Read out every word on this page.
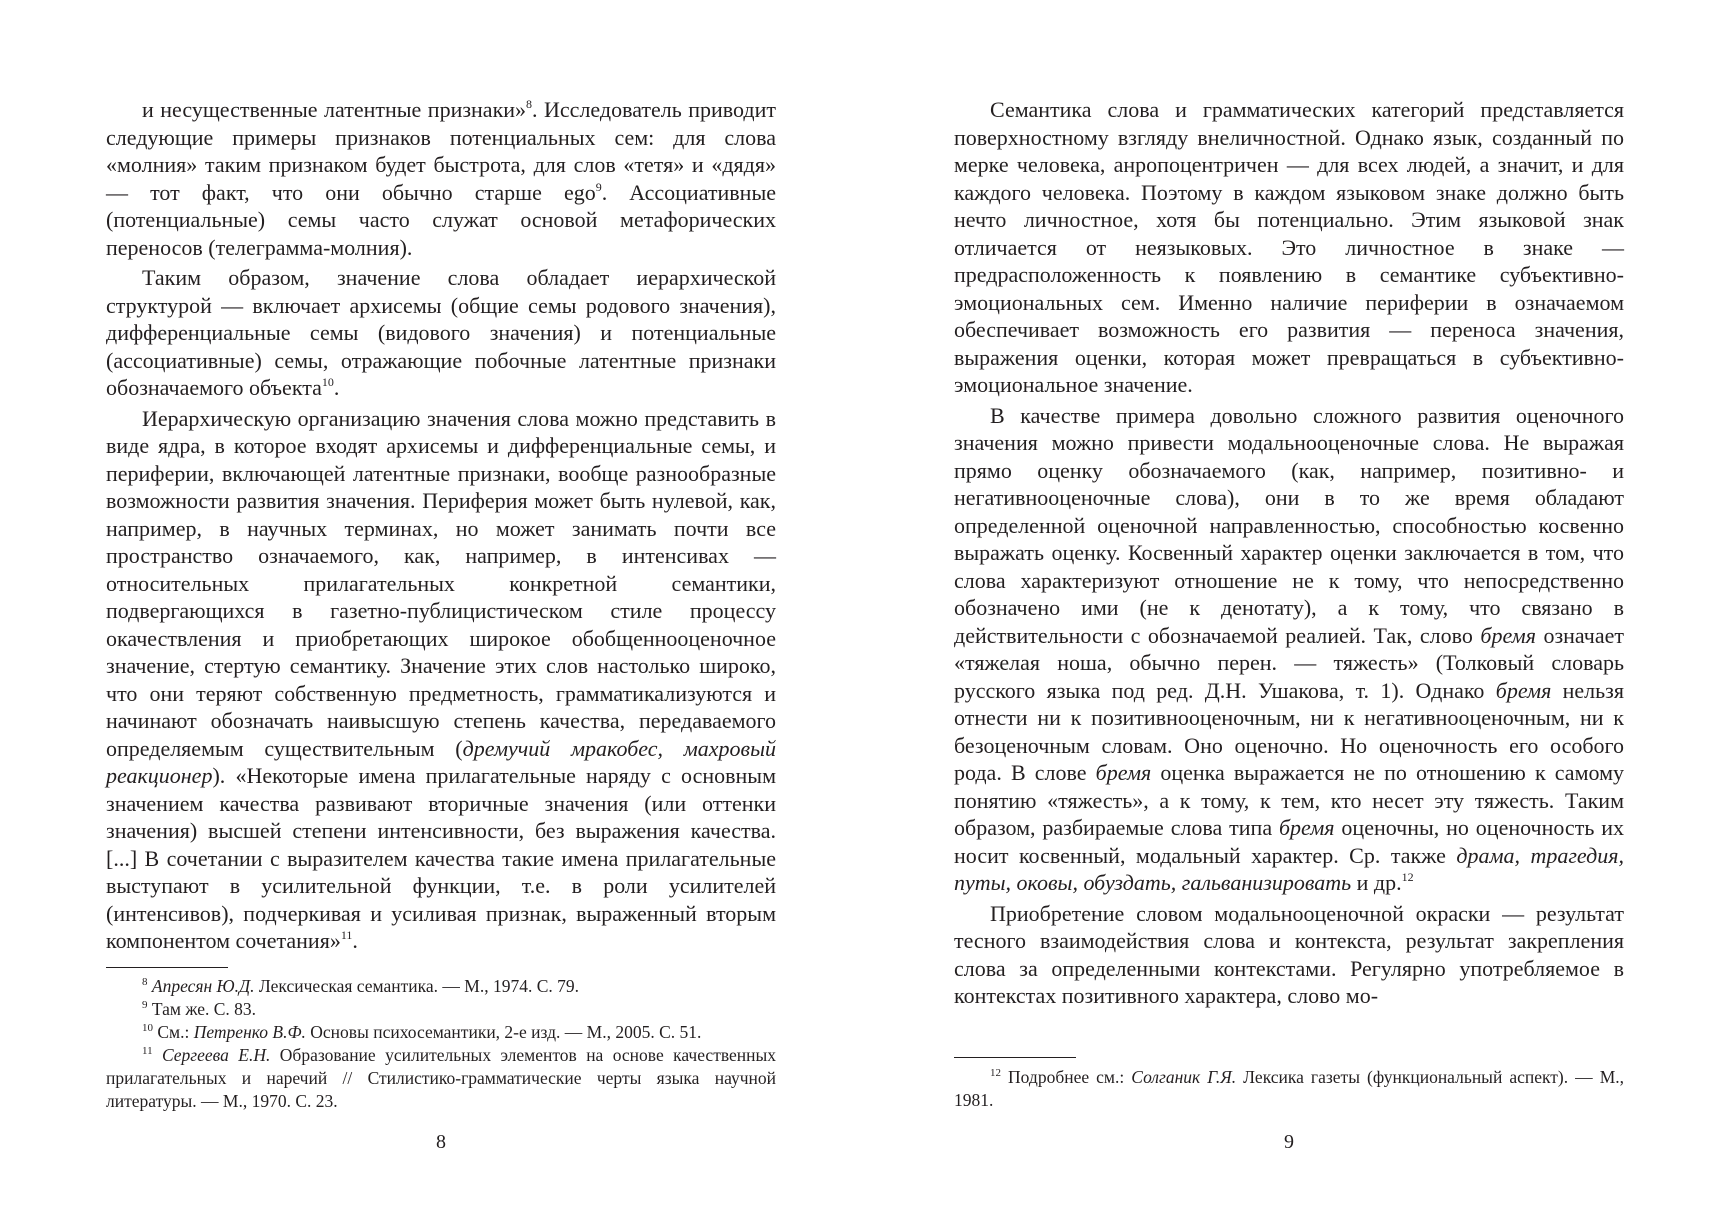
и несущественные латентные признаки»$^8$. Исследователь приводит следующие примеры признаков потенциальных сем: для слова «молния» таким признаком будет быстрота, для слов «тетя» и «дядя» — тот факт, что они обычно старше ego$^9$. Ассоциативные (потенциальные) семы часто служат основой метафорических переносов (телеграмма-молния).

Таким образом, значение слова обладает иерархической структурой — включает архисемы (общие семы родового значения), дифференциальные семы (видового значения) и потенциальные (ассоциативные) семы, отражающие побочные латентные признаки обозначаемого объекта$^{10}$.

Иерархическую организацию значения слова можно представить в виде ядра, в которое входят архисемы и дифференциальные семы, и периферии, включающей латентные признаки, вообще разнообразные возможности развития значения. Периферия может быть нулевой, как, например, в научных терминах, но может занимать почти все пространство означаемого, как, например, в интенсивах — относительных прилагательных конкретной семантики, подвергающихся в газетно-публицистическом стиле процессу окачествления и приобретающих широкое обобщеннооценочное значение, стертую семантику. Значение этих слов настолько широко, что они теряют собственную предметность, грамматикализуются и начинают обозначать наивысшую степень качества, передаваемого определяемым существительным (дремучий мракобес, махровый реакционер). «Некоторые имена прилагательные наряду с основным значением качества развивают вторичные значения (или оттенки значения) высшей степени интенсивности, без выражения качества. [...] В сочетании с выразителем качества такие имена прилагательные выступают в усилительной функции, т.е. в роли усилителей (интенсивов), подчеркивая и усиливая признак, выраженный вторым компонентом сочетания»$^{11}$.

$^8$ Апресян Ю.Д. Лексическая семантика. — М., 1974. С. 79.

$^9$ Там же. С. 83.

$^{10}$ См.: Петренко В.Ф. Основы психосемантики, 2-е изд. — М., 2005. С. 51.

$^{11}$ Сергеева Е.Н. Образование усилительных элементов на основе качественных прилагательных и наречий // Стилистико-грамматические черты языка научной литературы. — М., 1970. С. 23.

8

Семантика слова и грамматических категорий представляется поверхностному взгляду внеличностной. Однако язык, созданный по мерке человека, анропоцентричен — для всех людей, а значит, и для каждого человека. Поэтому в каждом языковом знаке должно быть нечто личностное, хотя бы потенциально. Этим языковой знак отличается от неязыковых. Это личностное в знаке — предрасположенность к появлению в семантике субъективно-эмоциональных сем. Именно наличие периферии в означаемом обеспечивает возможность его развития — переноса значения, выражения оценки, которая может превращаться в субъективно-эмоциональное значение.

В качестве примера довольно сложного развития оценочного значения можно привести модальнооценочные слова. Не выражая прямо оценку обозначаемого (как, например, позитивно- и негативнооценочные слова), они в то же время обладают определенной оценочной направленностью, способностью косвенно выражать оценку. Косвенный характер оценки заключается в том, что слова характеризуют отношение не к тому, что непосредственно обозначено ими (не к денотату), а к тому, что связано в действительности с обозначаемой реалией. Так, слово бремя означает «тяжелая ноша, обычно перен. — тяжесть» (Толковый словарь русского языка под ред. Д.Н. Ушакова, т. 1). Однако бремя нельзя отнести ни к позитивнооценочным, ни к негативнооценочным, ни к безоценочным словам. Оно оценочно. Но оценочность его особого рода. В слове бремя оценка выражается не по отношению к самому понятию «тяжесть», а к тому, к тем, кто несет эту тяжесть. Таким образом, разбираемые слова типа бремя оценочны, но оценочность их носит косвенный, модальный характер. Ср. также драма, трагедия, путы, оковы, обуздать, гальванизировать и др.$^{12}$

Приобретение словом модальнооценочной окраски — результат тесного взаимодействия слова и контекста, результат закрепления слова за определенными контекстами. Регулярно употребляемое в контекстах позитивного характера, слово мо-

$^{12}$ Подробнее см.: Солганик Г.Я. Лексика газеты (функциональный аспект). — М., 1981.

9
